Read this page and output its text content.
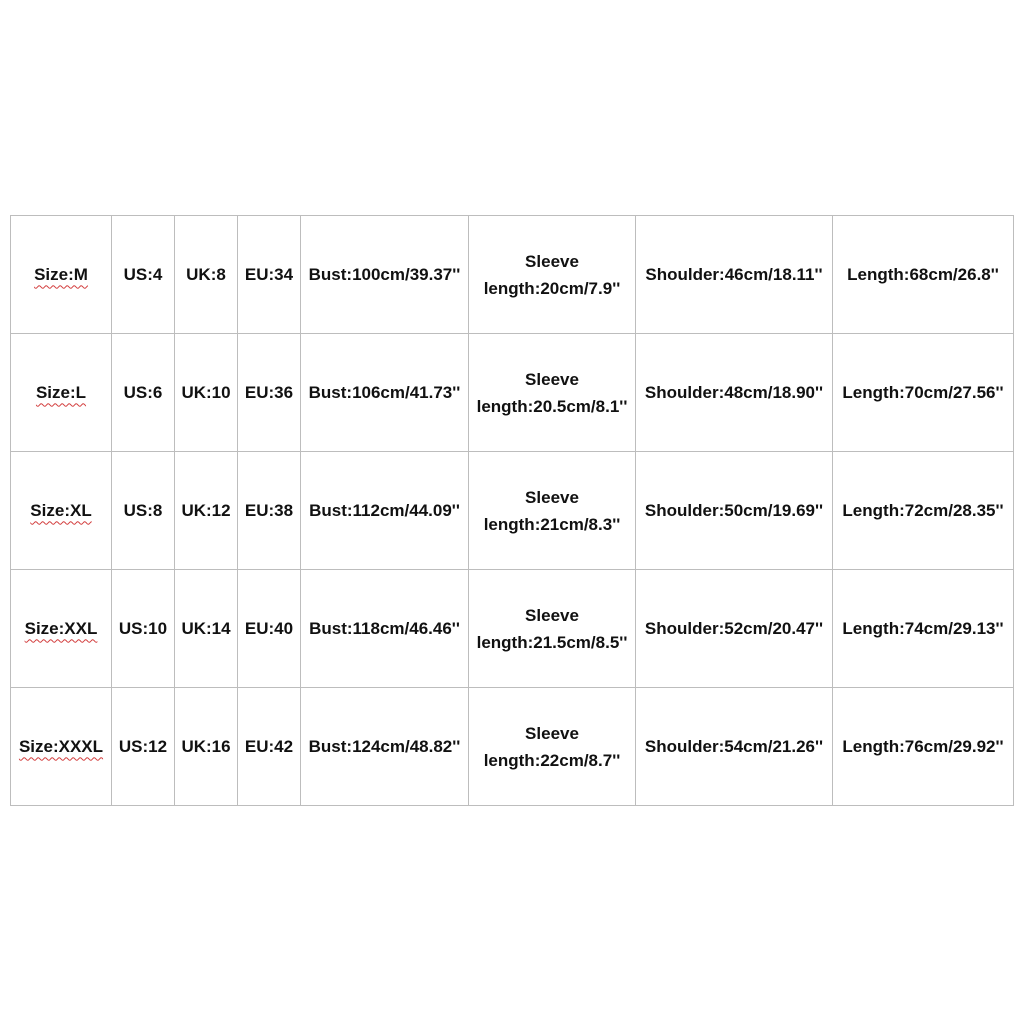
Size:M	US:4	UK:8	EU:34	Bust:100cm/39.37''	Sleeve
length:20cm/7.9''	Shoulder:46cm/18.11''	Length:68cm/26.8''
Size:L	US:6	UK:10	EU:36	Bust:106cm/41.73''	Sleeve
length:20.5cm/8.1''	Shoulder:48cm/18.90''	Length:70cm/27.56''
Size:XL	US:8	UK:12	EU:38	Bust:112cm/44.09''	Sleeve
length:21cm/8.3''	Shoulder:50cm/19.69''	Length:72cm/28.35''
Size:XXL	US:10	UK:14	EU:40	Bust:118cm/46.46''	Sleeve
length:21.5cm/8.5''	Shoulder:52cm/20.47''	Length:74cm/29.13''
Size:XXXL	US:12	UK:16	EU:42	Bust:124cm/48.82''	Sleeve
length:22cm/8.7''	Shoulder:54cm/21.26''	Length:76cm/29.92''
